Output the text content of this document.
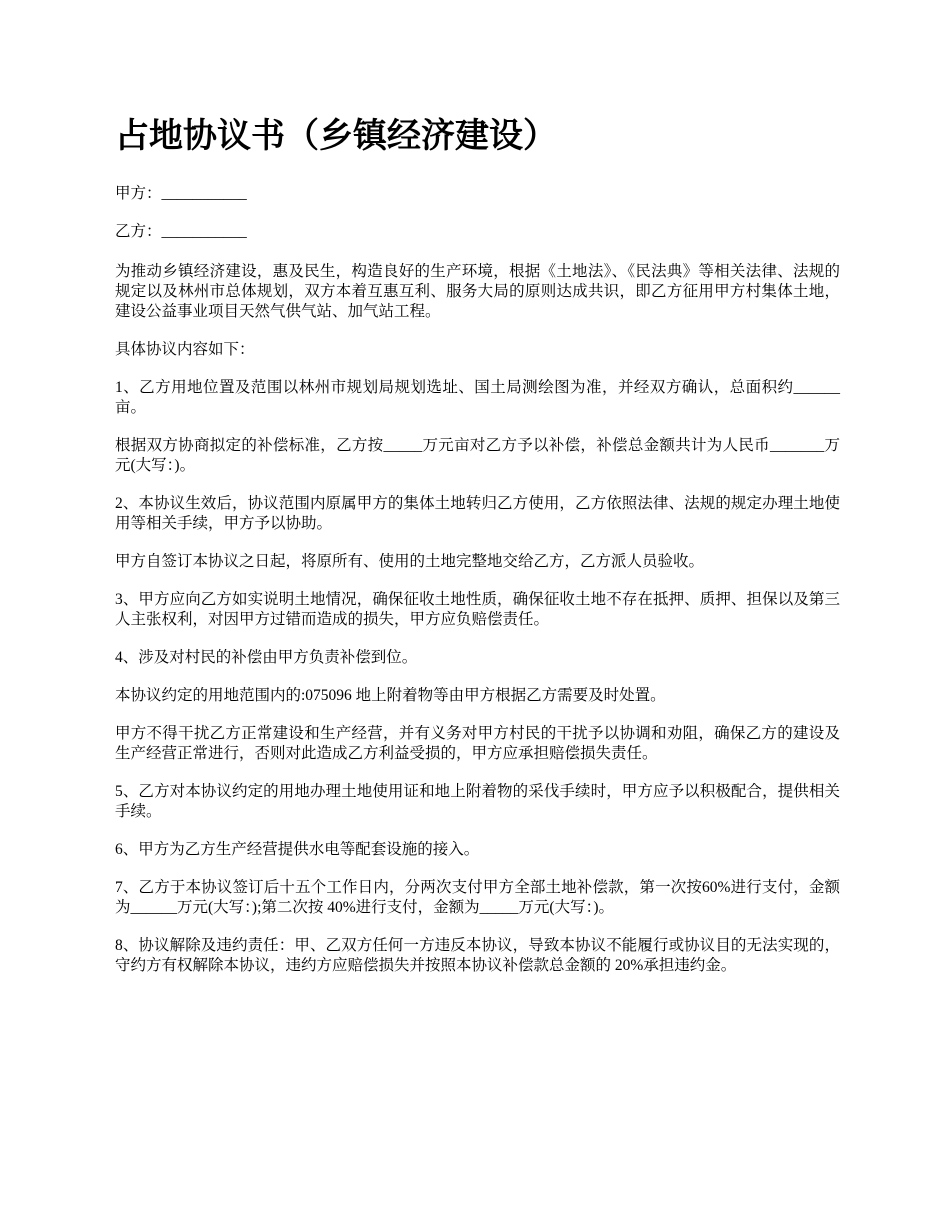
占地协议书（乡镇经济建设）

甲方：___________

乙方：___________

为推动乡镇经济建设，惠及民生，构造良好的生产环境，根据《土地法》、《民法典》等相关法律、法规的规定以及林州市总体规划，双方本着互惠互利、服务大局的原则达成共识，即乙方征用甲方村集体土地，建设公益事业项目天然气供气站、加气站工程。

具体协议内容如下：

1、乙方用地位置及范围以林州市规划局规划选址、国土局测绘图为准，并经双方确认，总面积约______亩。

根据双方协商拟定的补偿标准，乙方按_____万元亩对乙方予以补偿，补偿总金额共计为人民币_______万元(大写：)。

2、本协议生效后，协议范围内原属甲方的集体土地转归乙方使用，乙方依照法律、法规的规定办理土地使用等相关手续，甲方予以协助。

甲方自签订本协议之日起，将原所有、使用的土地完整地交给乙方，乙方派人员验收。

3、甲方应向乙方如实说明土地情况，确保征收土地性质，确保征收土地不存在抵押、质押、担保以及第三人主张权利，对因甲方过错而造成的损失，甲方应负赔偿责任。

4、涉及对村民的补偿由甲方负责补偿到位。

本协议约定的用地范围内的:075096 地上附着物等由甲方根据乙方需要及时处置。

甲方不得干扰乙方正常建设和生产经营，并有义务对甲方村民的干扰予以协调和劝阻，确保乙方的建设及生产经营正常进行，否则对此造成乙方利益受损的，甲方应承担赔偿损失责任。

5、乙方对本协议约定的用地办理土地使用证和地上附着物的采伐手续时，甲方应予以积极配合，提供相关手续。

6、甲方为乙方生产经营提供水电等配套设施的接入。

7、乙方于本协议签订后十五个工作日内，分两次支付甲方全部土地补偿款，第一次按60%进行支付，金额为______万元(大写：);第二次按 40%进行支付，金额为_____万元(大写：)。

8、协议解除及违约责任：甲、乙双方任何一方违反本协议，导致本协议不能履行或协议目的无法实现的，守约方有权解除本协议，违约方应赔偿损失并按照本协议补偿款总金额的 20%承担违约金。
